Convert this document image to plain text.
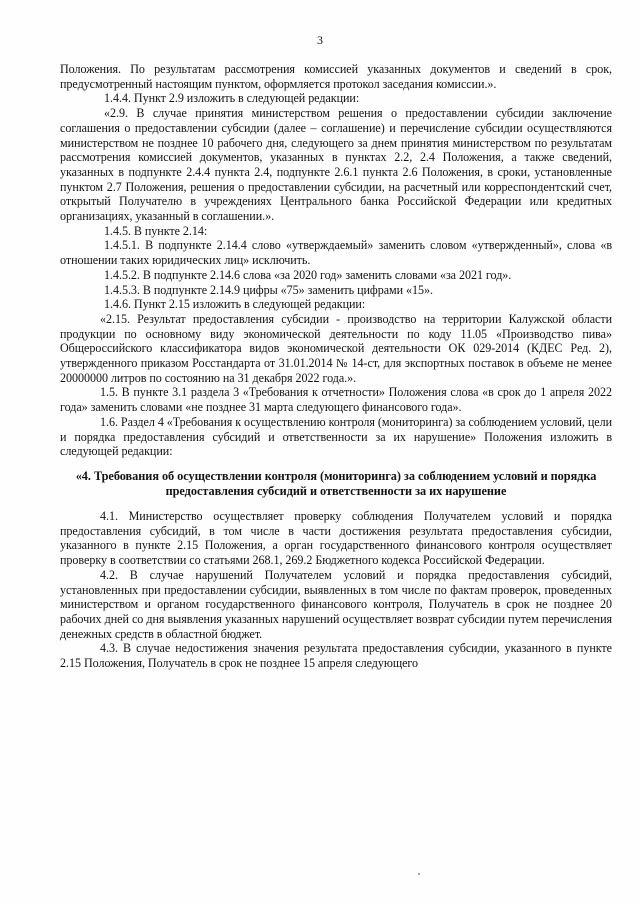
3

Положения. По результатам рассмотрения комиссией указанных документов и сведений в срок, предусмотренный настоящим пунктом, оформляется протокол заседания комиссии.».

1.4.4. Пункт 2.9 изложить в следующей редакции:

«2.9. В случае принятия министерством решения о предоставлении субсидии заключение соглашения о предоставлении субсидии (далее – соглашение) и перечисление субсидии осуществляются министерством не позднее 10 рабочего дня, следующего за днем принятия министерством по результатам рассмотрения комиссией документов, указанных в пунктах 2.2, 2.4 Положения, а также сведений, указанных в подпункте 2.4.4 пункта 2.4, подпункте 2.6.1 пункта 2.6 Положения, в сроки, установленные пунктом 2.7 Положения, решения о предоставлении субсидии, на расчетный или корреспондентский счет, открытый Получателю в учреждениях Центрального банка Российской Федерации или кредитных организациях, указанный в соглашении.».

1.4.5. В пункте 2.14:

1.4.5.1. В подпункте 2.14.4 слово «утверждаемый» заменить словом «утвержденный», слова «в отношении таких юридических лиц» исключить.

1.4.5.2. В подпункте 2.14.6 слова «за 2020 год» заменить словами «за 2021 год».

1.4.5.3. В подпункте 2.14.9 цифры «75» заменить цифрами «15».

1.4.6. Пункт 2.15 изложить в следующей редакции:

«2.15. Результат предоставления субсидии - производство на территории Калужской области продукции по основному виду экономической деятельности по коду 11.05 «Производство пива» Общероссийского классификатора видов экономической деятельности ОК 029-2014 (КДЕС Ред. 2), утвержденного приказом Росстандарта от 31.01.2014 № 14-ст, для экспортных поставок в объеме не менее 20000000 литров по состоянию на 31 декабря 2022 года.».

1.5. В пункте 3.1 раздела 3 «Требования к отчетности» Положения слова «в срок до 1 апреля 2022 года» заменить словами «не позднее 31 марта следующего финансового года».

1.6. Раздел 4 «Требования к осуществлению контроля (мониторинга) за соблюдением условий, цели и порядка предоставления субсидий и ответственности за их нарушение» Положения изложить в следующей редакции:

«4. Требования об осуществлении контроля (мониторинга) за соблюдением условий и порядка предоставления субсидий и ответственности за их нарушение

4.1. Министерство осуществляет проверку соблюдения Получателем условий и порядка предоставления субсидий, в том числе в части достижения результата предоставления субсидии, указанного в пункте 2.15 Положения, а орган государственного финансового контроля осуществляет проверку в соответствии со статьями 268.1, 269.2 Бюджетного кодекса Российской Федерации.

4.2. В случае нарушений Получателем условий и порядка предоставления субсидий, установленных при предоставлении субсидии, выявленных в том числе по фактам проверок, проведенных министерством и органом государственного финансового контроля, Получатель в срок не позднее 20 рабочих дней со дня выявления указанных нарушений осуществляет возврат субсидии путем перечисления денежных средств в областной бюджет.

4.3. В случае недостижения значения результата предоставления субсидии, указанного в пункте 2.15 Положения, Получатель в срок не позднее 15 апреля следующего
